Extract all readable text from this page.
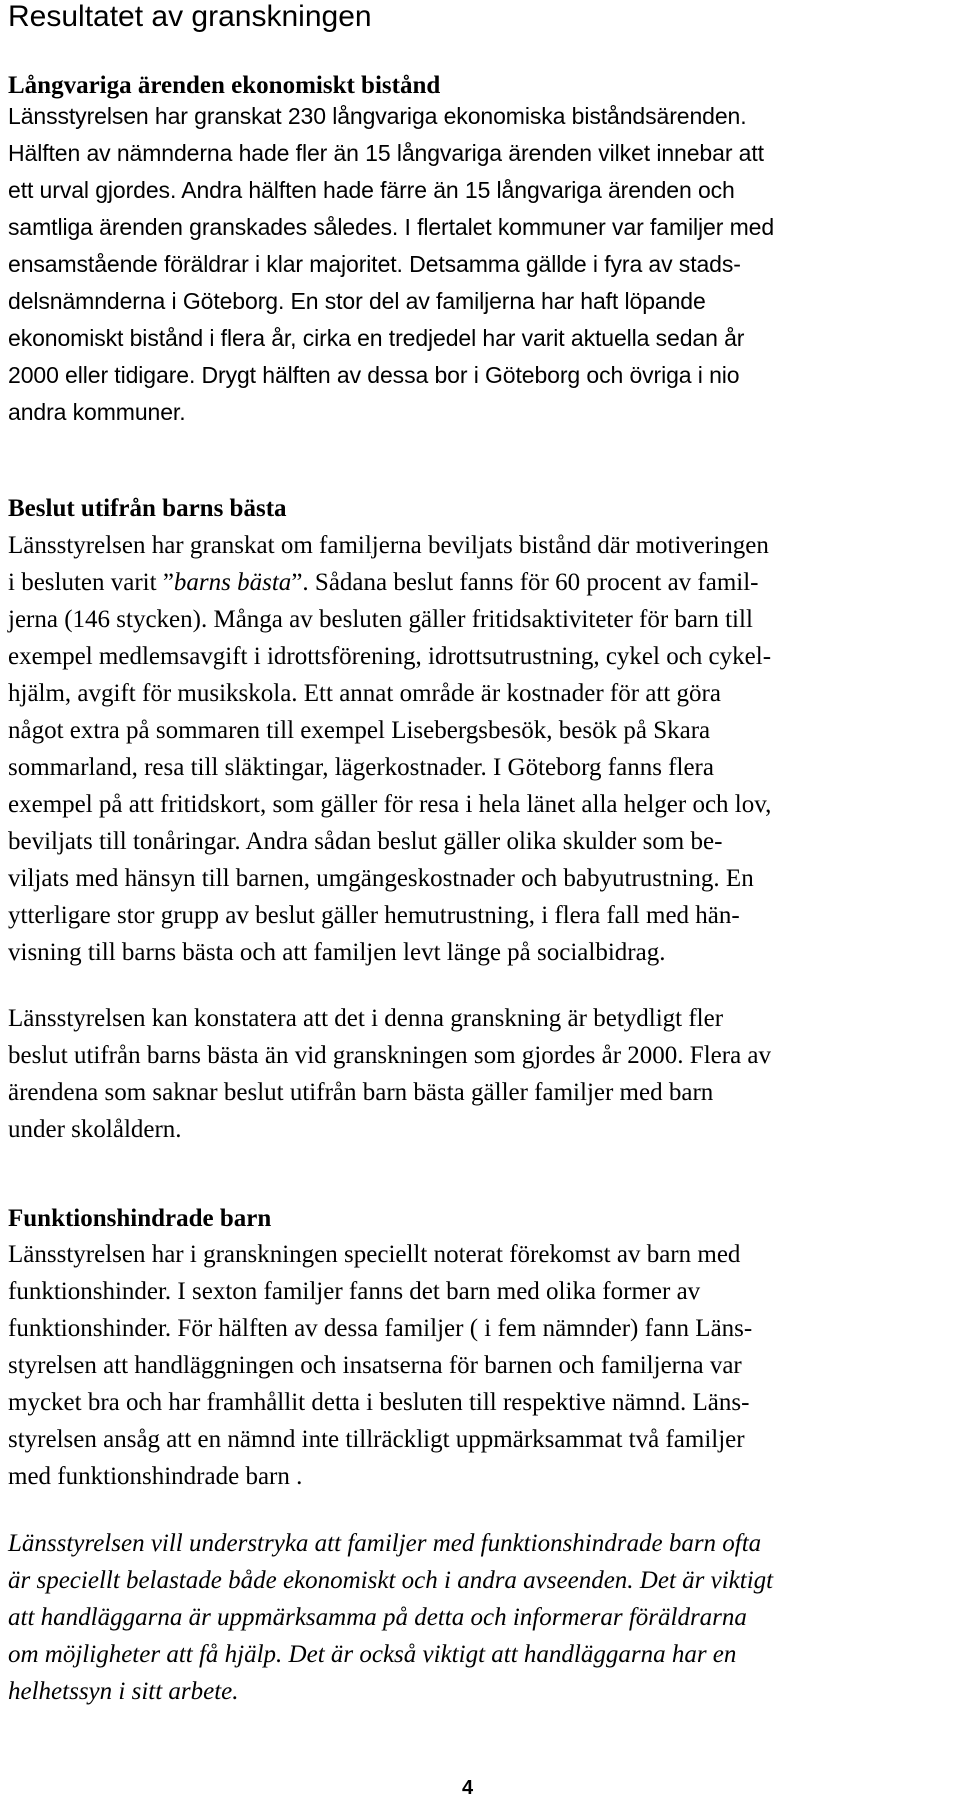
Resultatet av granskningen
Långvariga ärenden ekonomiskt bistånd
Länsstyrelsen har granskat 230 långvariga ekonomiska biståndsärenden.
Hälften av nämnderna hade fler än 15 långvariga ärenden vilket innebar att
ett urval gjordes. Andra hälften hade färre än 15 långvariga ärenden och
samtliga ärenden granskades således. I flertalet kommuner var familjer med
ensamstående föräldrar i klar majoritet. Detsamma gällde i fyra av stads-
delsnämnderna i Göteborg. En stor del av familjerna har haft löpande
ekonomiskt bistånd i flera år, cirka en tredjedel har varit aktuella sedan år
2000 eller tidigare. Drygt hälften av dessa bor i Göteborg och övriga i nio
andra kommuner.
Beslut utifrån barns bästa
Länsstyrelsen har granskat om familjerna beviljats bistånd där motiveringen
i besluten varit ”barns bästa”. Sådana beslut fanns för 60 procent av famil-
jerna (146 stycken). Många av besluten gäller fritidsaktiviteter för barn till
exempel medlemsavgift i idrottsförening, idrottsutrustning, cykel och cykel-
hjälm, avgift för musikskola. Ett annat område är kostnader för att göra
något extra på sommaren till exempel Lisebergsbesök, besök på Skara
sommarland, resa till släktingar, lägerkostnader. I Göteborg fanns flera
exempel på att fritidskort, som gäller för resa i hela länet alla helger och lov,
beviljats till tonåringar. Andra sådan beslut gäller olika skulder som be-
viljats med hänsyn till barnen, umgängeskostnader och babyutrustning. En
ytterligare stor grupp av beslut gäller hemutrustning, i flera fall med hän-
visning till barns bästa och att familjen levt länge på socialbidrag.
Länsstyrelsen kan konstatera att det i denna granskning är betydligt fler
beslut utifrån barns bästa än vid granskningen som gjordes år 2000. Flera av
ärendena som saknar beslut utifrån barn bästa gäller familjer med barn
under skolåldern.
Funktionshindrade barn
Länsstyrelsen har i granskningen speciellt noterat förekomst av barn med
funktionshinder. I sexton familjer fanns det barn med olika former av
funktionshinder. För hälften av dessa familjer ( i fem nämnder) fann Läns-
styrelsen att handläggningen och insatserna för barnen och familjerna var
mycket bra och har framhållit detta i besluten till respektive nämnd. Läns-
styrelsen ansåg att en nämnd inte tillräckligt uppmärksammat två familjer
med funktionshindrade barn .
Länsstyrelsen vill understryka att familjer med funktionshindrade barn ofta
är speciellt belastade både ekonomiskt och i andra avseenden. Det är viktigt
att handläggarna är uppmärksamma på detta och informerar föräldrarna
om möjligheter att få hjälp. Det är också viktigt att handläggarna har en
helhetssyn i sitt arbete.
4
